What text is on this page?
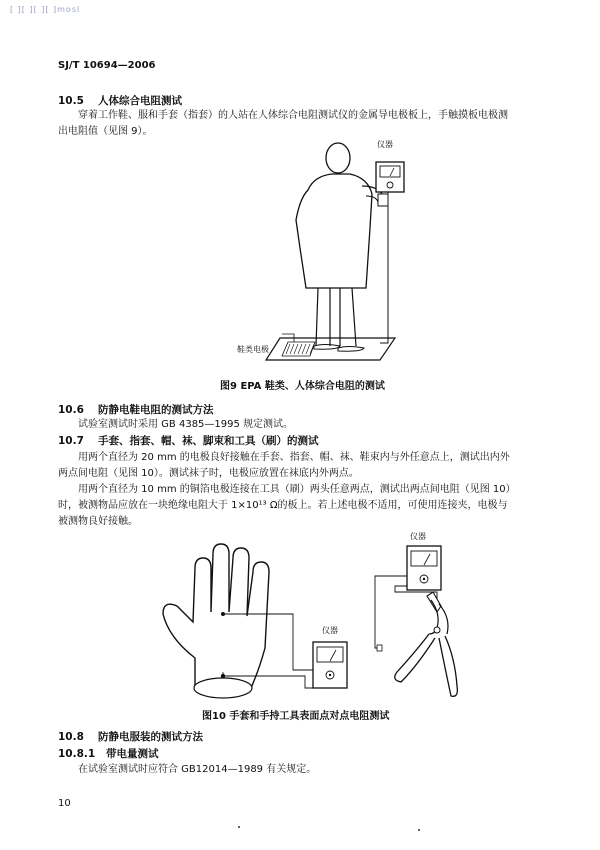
[ ][ ][ ][ ]mosl
SJ/T 10694—2006
10.5 人体综合电阻测试
穿着工作鞋、服和手套（指套）的人站在人体综合电阻测试仪的金属导电极板上，手触摸板电极测
出电阻值（见图 9）。
仪器
鞋类电极
图9 EPA 鞋类、人体综合电阻的测试
10.6 防静电鞋电阻的测试方法
试验室测试时采用 GB 4385—1995 规定测试。
10.7 手套、指套、帽、袜、脚束和工具（刷）的测试
用两个直径为 20 mm 的电极良好接触在手套、指套、帽、袜、鞋束内与外任意点上，测试出内外
两点间电阻（见图 10）。测试袜子时，电极应放置在袜底内外两点。
用两个直径为 10 mm 的铜箔电极连接在工具（刷）两头任意两点，测试出两点间电阻（见图 10）
时，被测物品应放在一块绝缘电阻大于 1×10¹³ Ω的板上。若上述电极不适用，可使用连接夹，电极与
被测物良好接触。
仪器
仪器
图10 手套和手持工具表面点对点电阻测试
10.8 防静电服装的测试方法
10.8.1 带电量测试
在试验室测试时应符合 GB12014—1989 有关规定。
10
